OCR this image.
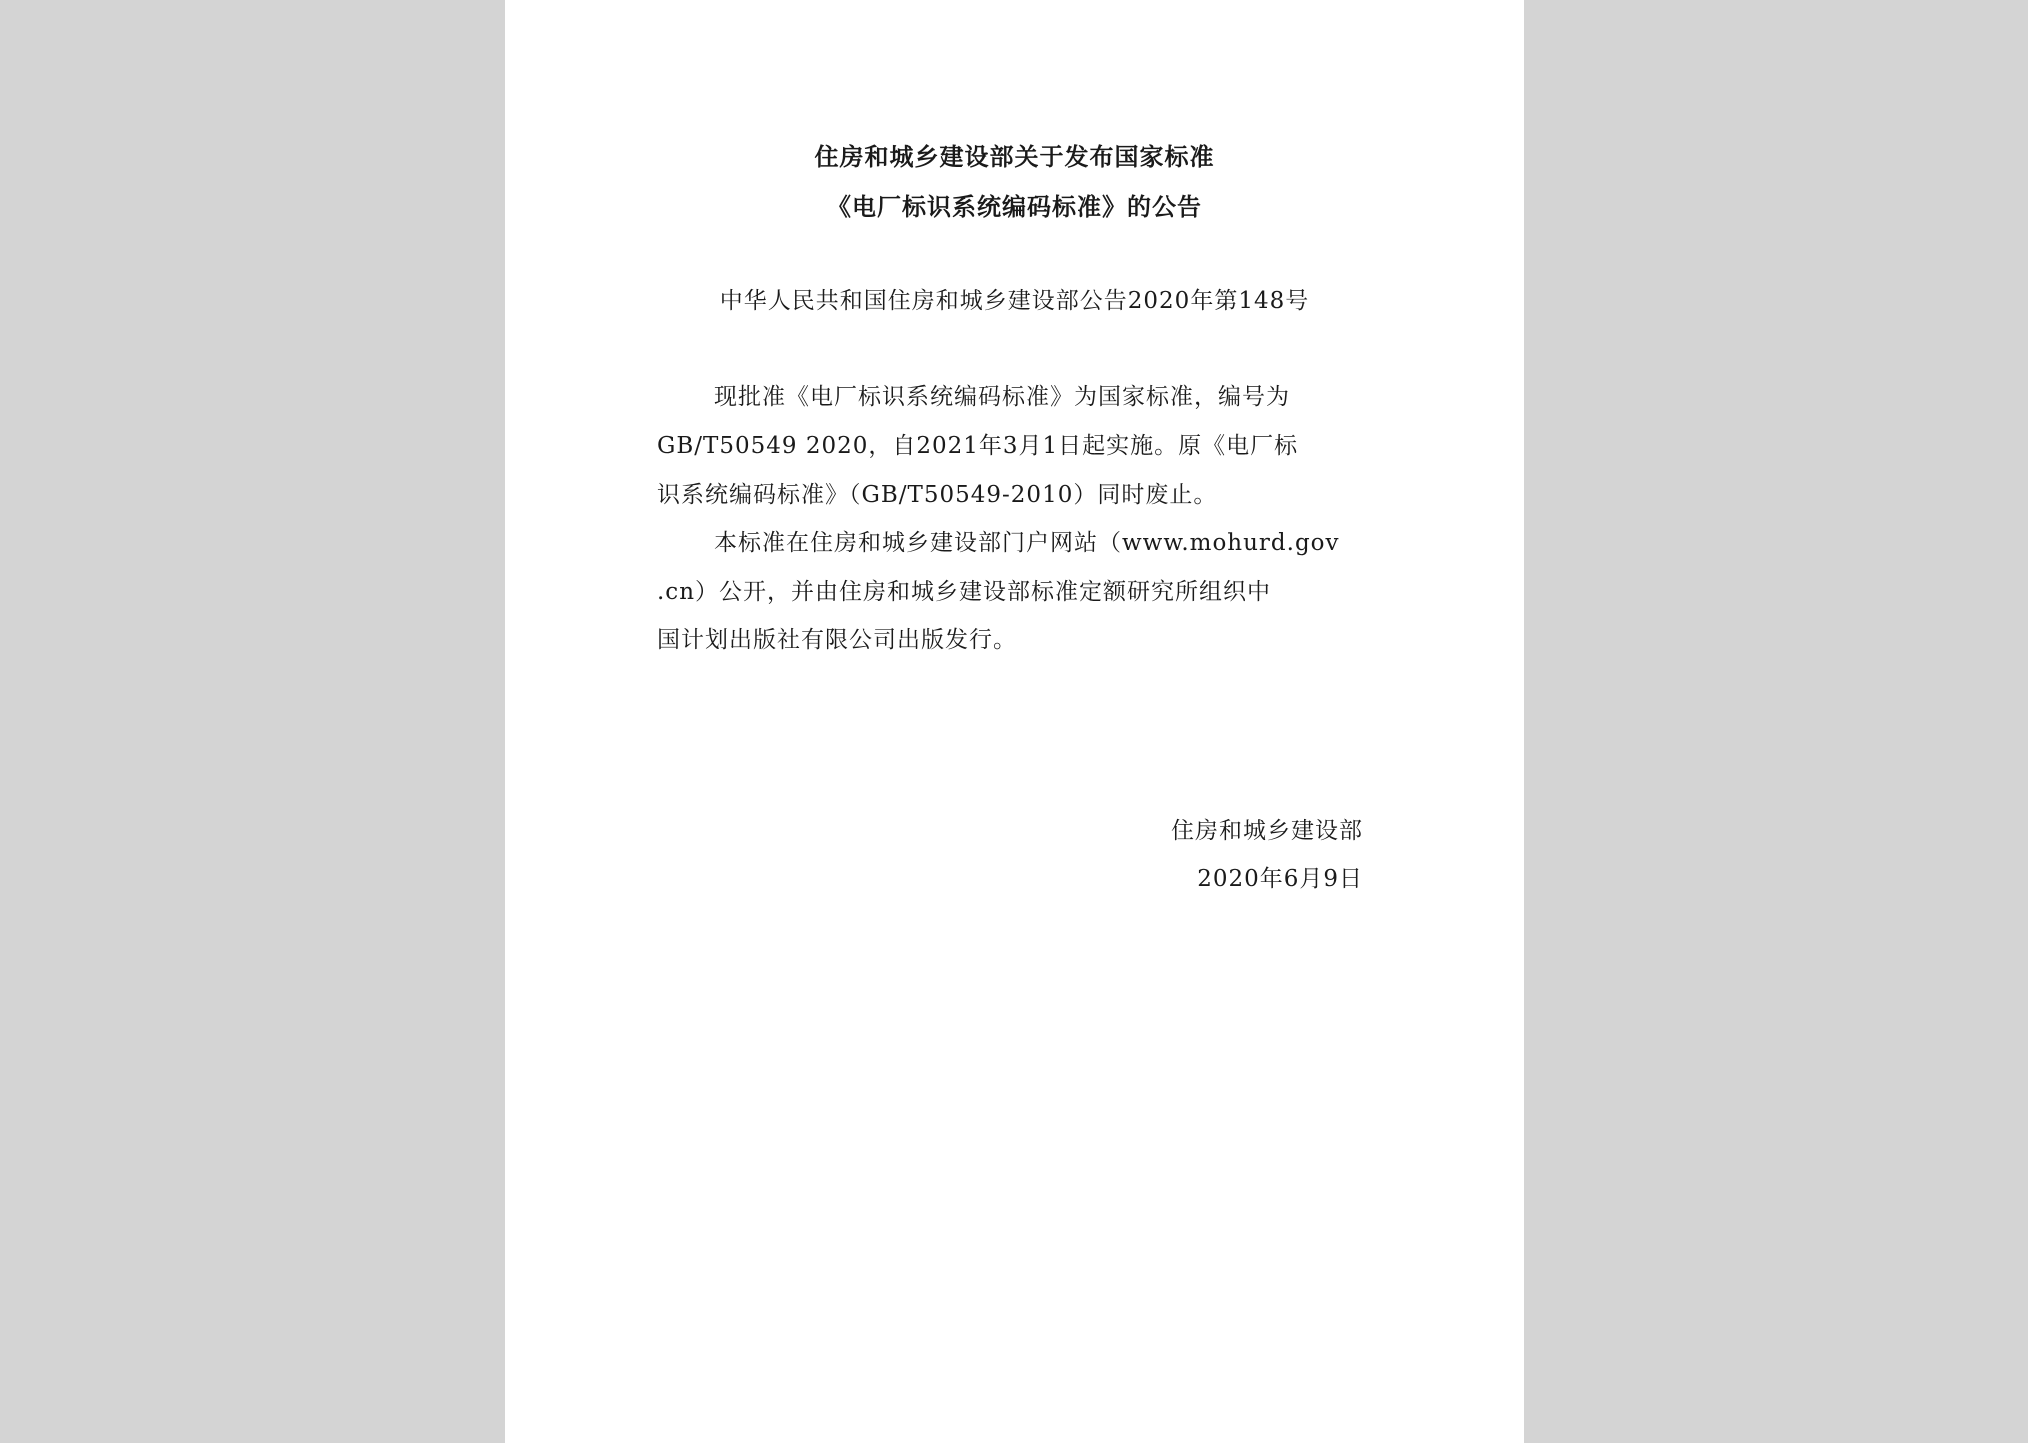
住房和城乡建设部关于发布国家标准
《电厂标识系统编码标准》的公告
中华人民共和国住房和城乡建设部公告2020年第148号
现批准《电厂标识系统编码标准》为国家标准，编号为
GB/T50549 2020，自2021年3月1日起实施。原《电厂标
识系统编码标准》（GB/T50549-2010）同时废止。
本标准在住房和城乡建设部门户网站（www.mohurd.gov
.cn）公开，并由住房和城乡建设部标准定额研究所组织中
国计划出版社有限公司出版发行。
住房和城乡建设部
2020年6月9日
